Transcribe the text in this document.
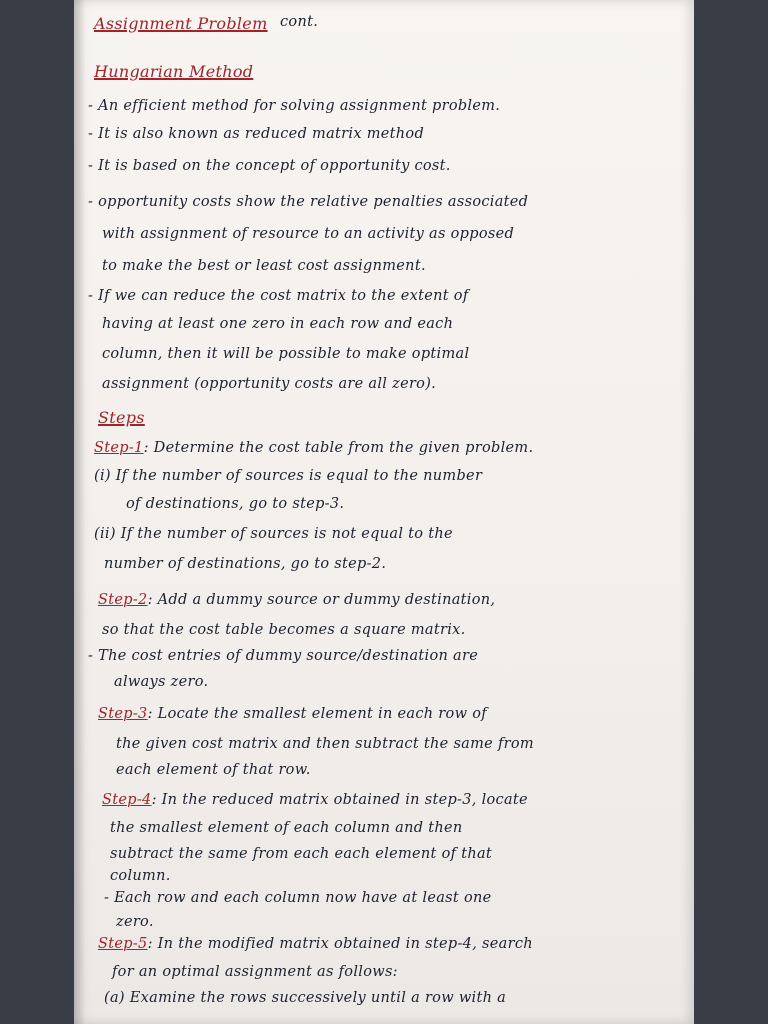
Assignment Problem cont.
Hungarian Method
- An efficient method for solving assignment problem.
- It is also known as reduced matrix method
- It is based on the concept of opportunity cost.
- opportunity costs show the relative penalties associated
with assignment of resource to an activity as opposed
to make the best or least cost assignment.
- If we can reduce the cost matrix to the extent of
having at least one zero in each row and each
column, then it will be possible to make optimal
assignment (opportunity costs are all zero).
Steps
Step-1: Determine the cost table from the given problem.
(i) If the number of sources is equal to the number
of destinations, go to step-3.
(ii) If the number of sources is not equal to the
number of destinations, go to step-2.
Step-2: Add a dummy source or dummy destination,
so that the cost table becomes a square matrix.
- The cost entries of dummy source/destination are
always zero.
Step-3: Locate the smallest element in each row of
the given cost matrix and then subtract the same from
each element of that row.
Step-4: In the reduced matrix obtained in step-3, locate
the smallest element of each column and then
subtract the same from each each element of that
column.
- Each row and each column now have at least one
zero.
Step-5: In the modified matrix obtained in step-4, search
for an optimal assignment as follows:
(a) Examine the rows successively until a row with a
